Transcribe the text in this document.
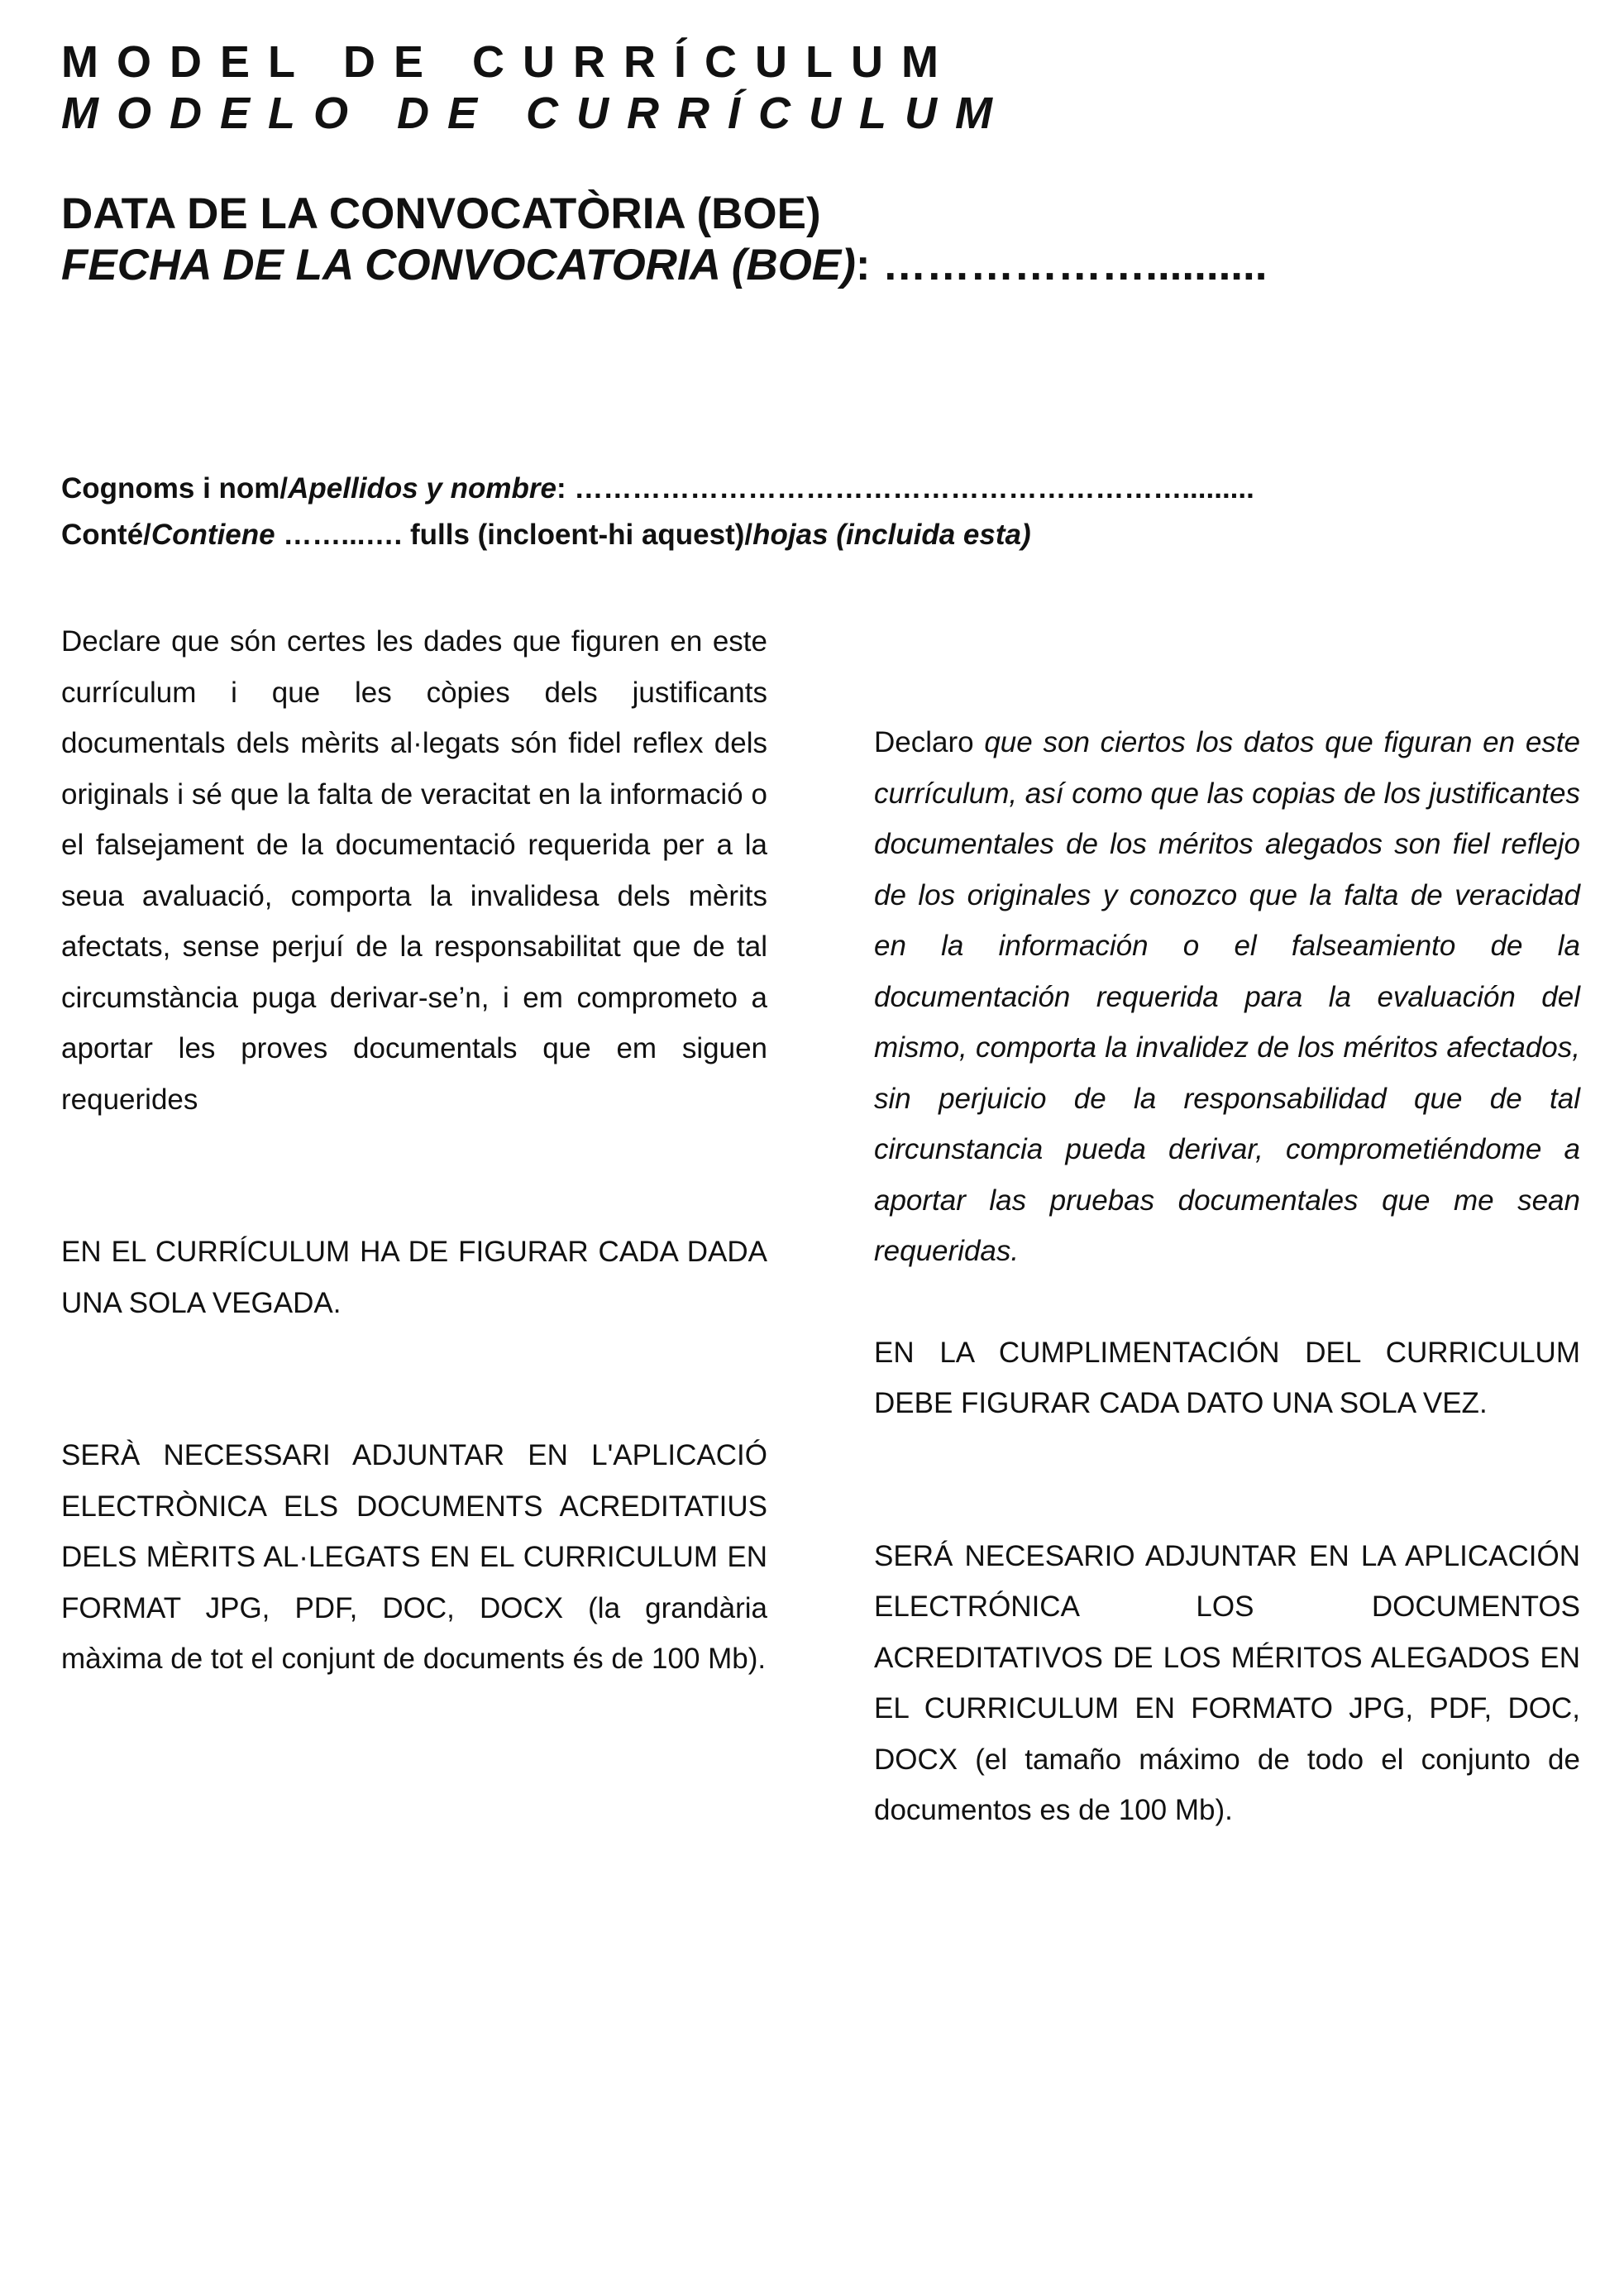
MODEL DE CURRÍCULUM
MODELO DE CURRÍCULUM
DATA DE LA CONVOCATÒRIA (BOE)
FECHA DE LA CONVOCATORIA (BOE): ………………..........
Cognoms i nom/Apellidos y nombre: ……………………………………………………….........
Conté/Contiene ……...…. fulls (incloent-hi aquest)/hojas (incluida esta)

Declare que són certes les dades que figuren en este currículum i que les còpies dels justificants documentals dels mèrits al·legats són fidel reflex dels originals i sé que la falta de veracitat en la informació o el falsejament de la documentació requerida per a la seua avaluació, comporta la invalidesa dels mèrits afectats, sense perjuí de la responsabilitat que de tal circumstància puga derivar-se’n, i em comprometo a aportar les proves documentals que em siguen requerides

EN EL CURRÍCULUM HA DE FIGURAR CADA DADA UNA SOLA VEGADA.

SERÀ NECESSARI ADJUNTAR EN L'APLICACIÓ ELECTRÒNICA ELS DOCUMENTS ACREDITATIUS DELS MÈRITS AL·LEGATS EN EL CURRICULUM EN FORMAT JPG, PDF, DOC, DOCX (la grandària màxima de tot el conjunt de documents és de 100 Mb).

Declaro que son ciertos los datos que figuran en este currículum, así como que las copias de los justificantes documentales de los méritos alegados son fiel reflejo de los originales y conozco que la falta de veracidad en la información o el falseamiento de la documentación requerida para la evaluación del mismo, comporta la invalidez de los méritos afectados, sin perjuicio de la responsabilidad que de tal circunstancia pueda derivar, comprometiéndome a aportar las pruebas documentales que me sean requeridas.

EN LA CUMPLIMENTACIÓN DEL CURRICULUM DEBE FIGURAR CADA DATO UNA SOLA VEZ.

SERÁ NECESARIO ADJUNTAR EN LA APLICACIÓN ELECTRÓNICA LOS DOCUMENTOS ACREDITATIVOS DE LOS MÉRITOS ALEGADOS EN EL CURRICULUM EN FORMATO JPG, PDF, DOC, DOCX (el tamaño máximo de todo el conjunto de documentos es de 100 Mb).
